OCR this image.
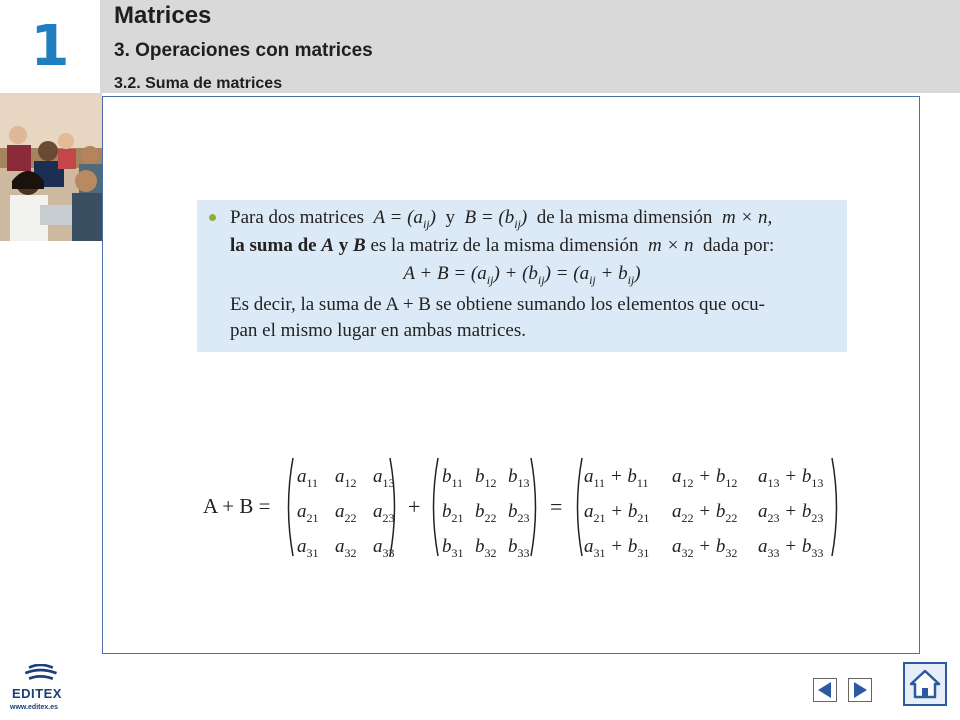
1	Matrices
3. Operaciones con matrices
3.2. Suma de matrices
Para dos matrices $A = (a_{ij})$ y $B = (b_{ij})$ de la misma dimensión m × n,
la suma de A y B es la matriz de la misma dimensión m × n dada por:
$A + B = (a_{ij}) + (b_{ij}) = (a_{ij} + b_{ij})$
Es decir, la suma de A + B se obtiene sumando los elementos que ocu-
pan el mismo lugar en ambas matrices.
A + B =
$a_{11}$ $a_{12}$ $a_{13}$
$a_{21}$ $a_{22}$ $a_{23}$
$a_{31}$ $a_{32}$ $a_{33}$
+
$b_{11}$ $b_{12}$ $b_{13}$
$b_{21}$ $b_{22}$ $b_{23}$
$b_{31}$ $b_{32}$ $b_{33}$
=
$a_{11} + b_{11}$	$a_{12} + b_{12}$	$a_{13} + b_{13}$
$a_{21} + b_{21}$	$a_{22} + b_{22}$	$a_{23} + b_{23}$
$a_{31} + b_{31}$	$a_{32} + b_{32}$	$a_{33} + b_{33}$
EDITEX
www.editex.es
